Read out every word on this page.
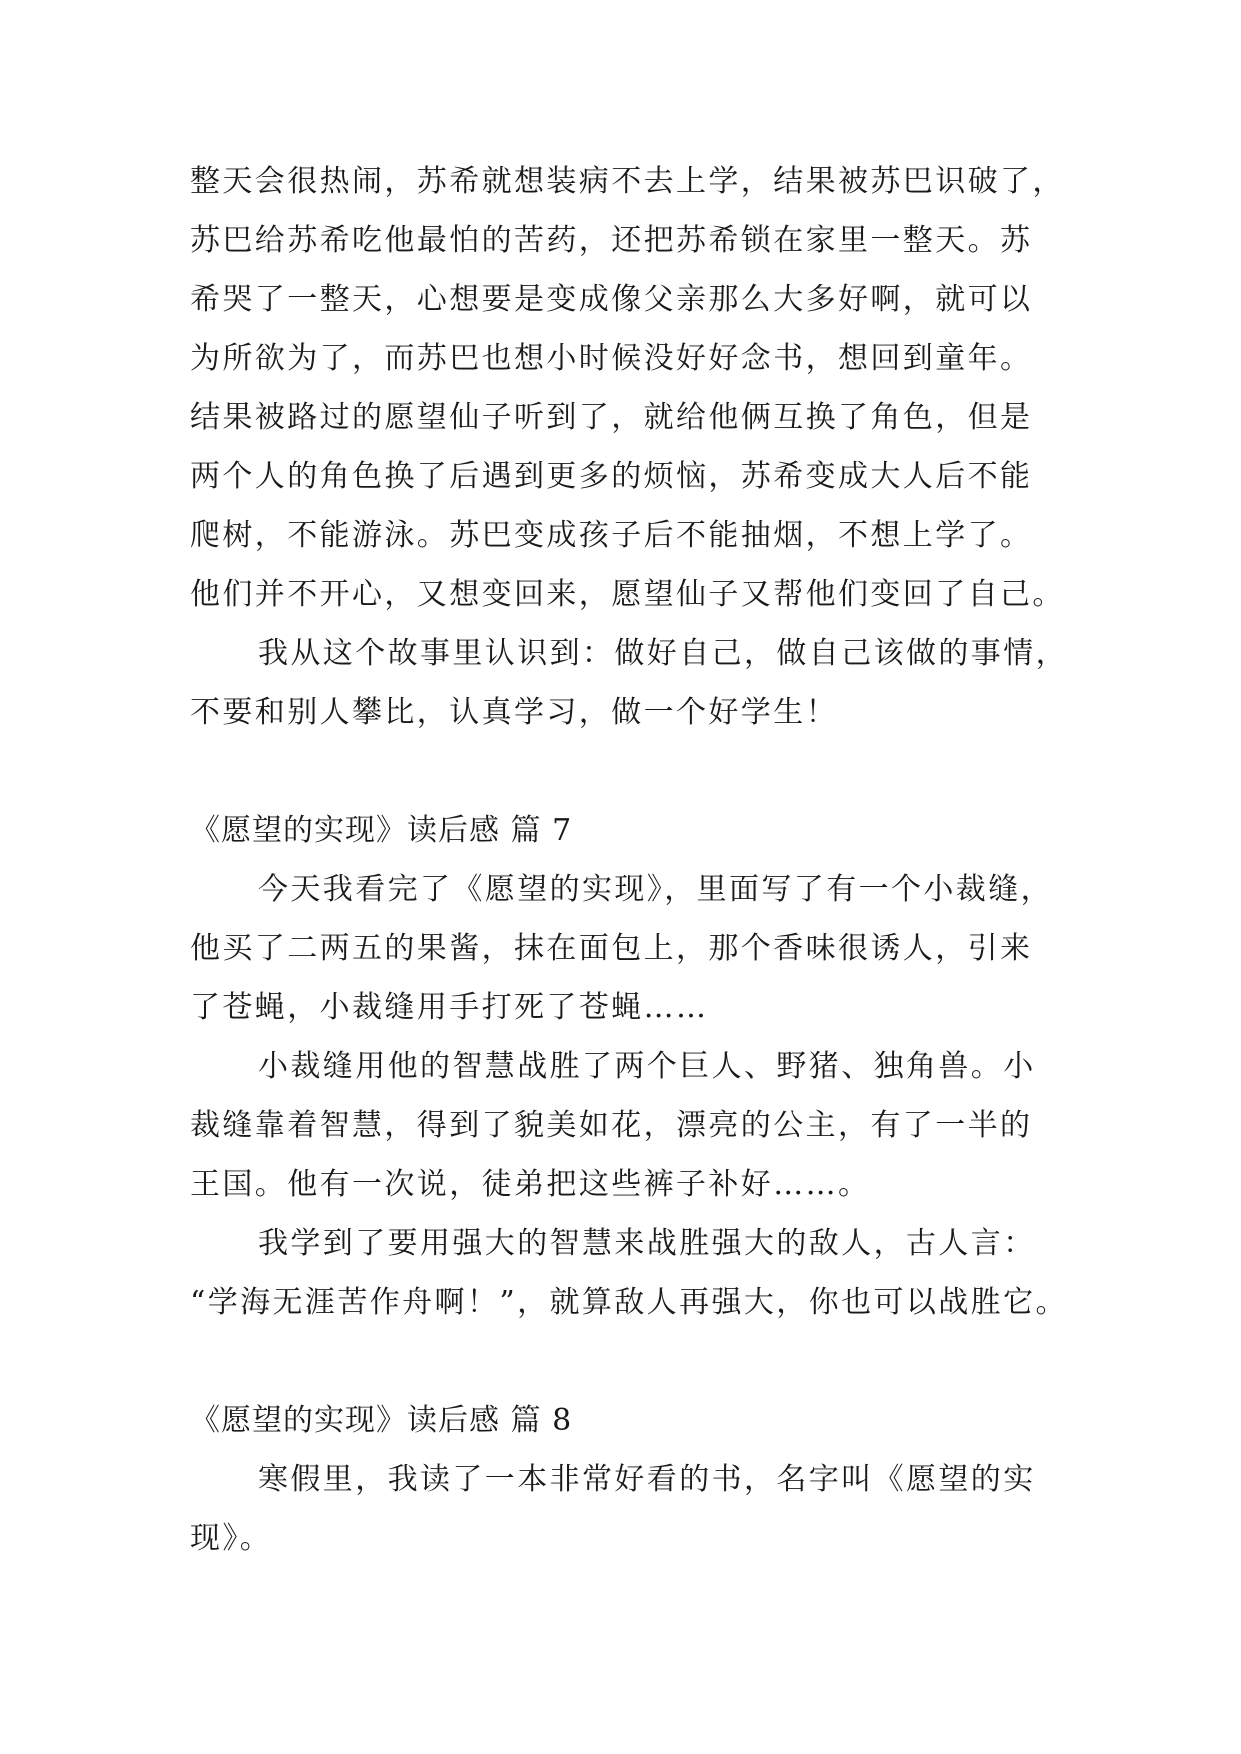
整天会很热闹，苏希就想装病不去上学，结果被苏巴识破了，
苏巴给苏希吃他最怕的苦药，还把苏希锁在家里一整天。苏
希哭了一整天，心想要是变成像父亲那么大多好啊，就可以
为所欲为了，而苏巴也想小时候没好好念书，想回到童年。
结果被路过的愿望仙子听到了，就给他俩互换了角色，但是
两个人的角色换了后遇到更多的烦恼，苏希变成大人后不能
爬树，不能游泳。苏巴变成孩子后不能抽烟，不想上学了。
他们并不开心，又想变回来，愿望仙子又帮他们变回了自己。
我从这个故事里认识到：做好自己，做自己该做的事情，
不要和别人攀比，认真学习，做一个好学生！
《愿望的实现》读后感 篇 7
今天我看完了《愿望的实现》，里面写了有一个小裁缝，
他买了二两五的果酱，抹在面包上，那个香味很诱人，引来
了苍蝇，小裁缝用手打死了苍蝇……
小裁缝用他的智慧战胜了两个巨人、野猪、独角兽。小
裁缝靠着智慧，得到了貌美如花，漂亮的公主，有了一半的
王国。他有一次说，徒弟把这些裤子补好……。
我学到了要用强大的智慧来战胜强大的敌人，古人言：
“学海无涯苦作舟啊！”，就算敌人再强大，你也可以战胜它。
《愿望的实现》读后感 篇 8
寒假里，我读了一本非常好看的书，名字叫《愿望的实
现》。
